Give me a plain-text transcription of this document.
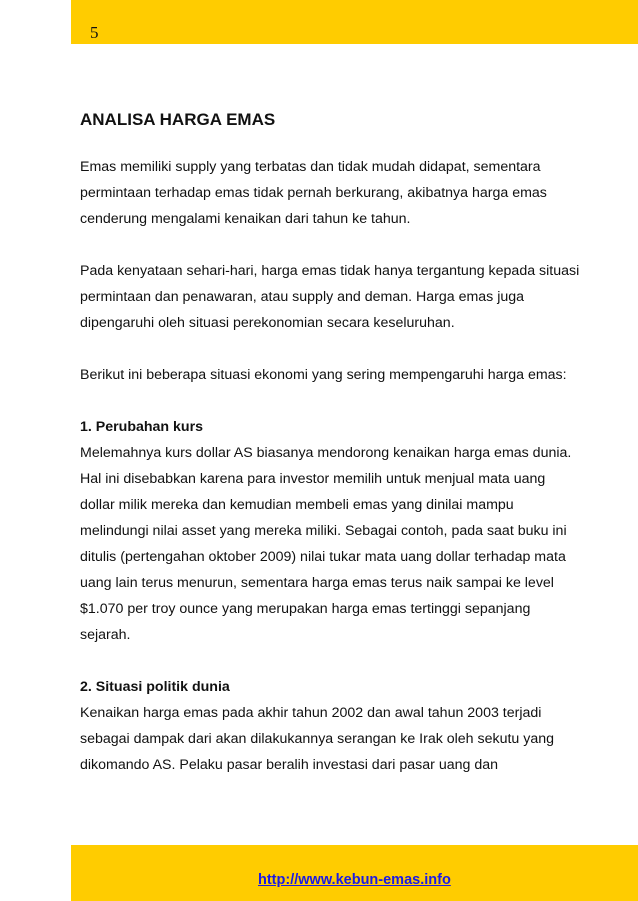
5
ANALISA HARGA EMAS

Emas memiliki supply yang terbatas dan tidak mudah didapat, sementara permintaan terhadap emas tidak pernah berkurang, akibatnya harga emas cenderung mengalami kenaikan dari tahun ke tahun.

Pada kenyataan sehari-hari, harga emas tidak hanya tergantung kepada situasi permintaan dan penawaran, atau supply and deman. Harga emas juga dipengaruhi oleh situasi perekonomian secara keseluruhan.

Berikut ini beberapa situasi ekonomi yang sering mempengaruhi harga emas:

1. Perubahan kurs

Melemahnya kurs dollar AS biasanya mendorong kenaikan harga emas dunia. Hal ini disebabkan karena para investor memilih untuk menjual mata uang dollar milik mereka dan kemudian membeli emas yang dinilai mampu melindungi nilai asset yang mereka miliki. Sebagai contoh, pada saat buku ini ditulis (pertengahan oktober 2009) nilai tukar mata uang dollar terhadap mata uang lain terus menurun, sementara harga emas terus naik sampai ke level $1.070 per troy ounce yang merupakan harga emas tertinggi sepanjang sejarah.

2. Situasi politik dunia

Kenaikan harga emas pada akhir tahun 2002 dan awal tahun 2003 terjadi sebagai dampak dari akan dilakukannya serangan ke Irak oleh sekutu yang dikomando AS. Pelaku pasar beralih investasi dari pasar uang dan

http://www.kebun-emas.info
